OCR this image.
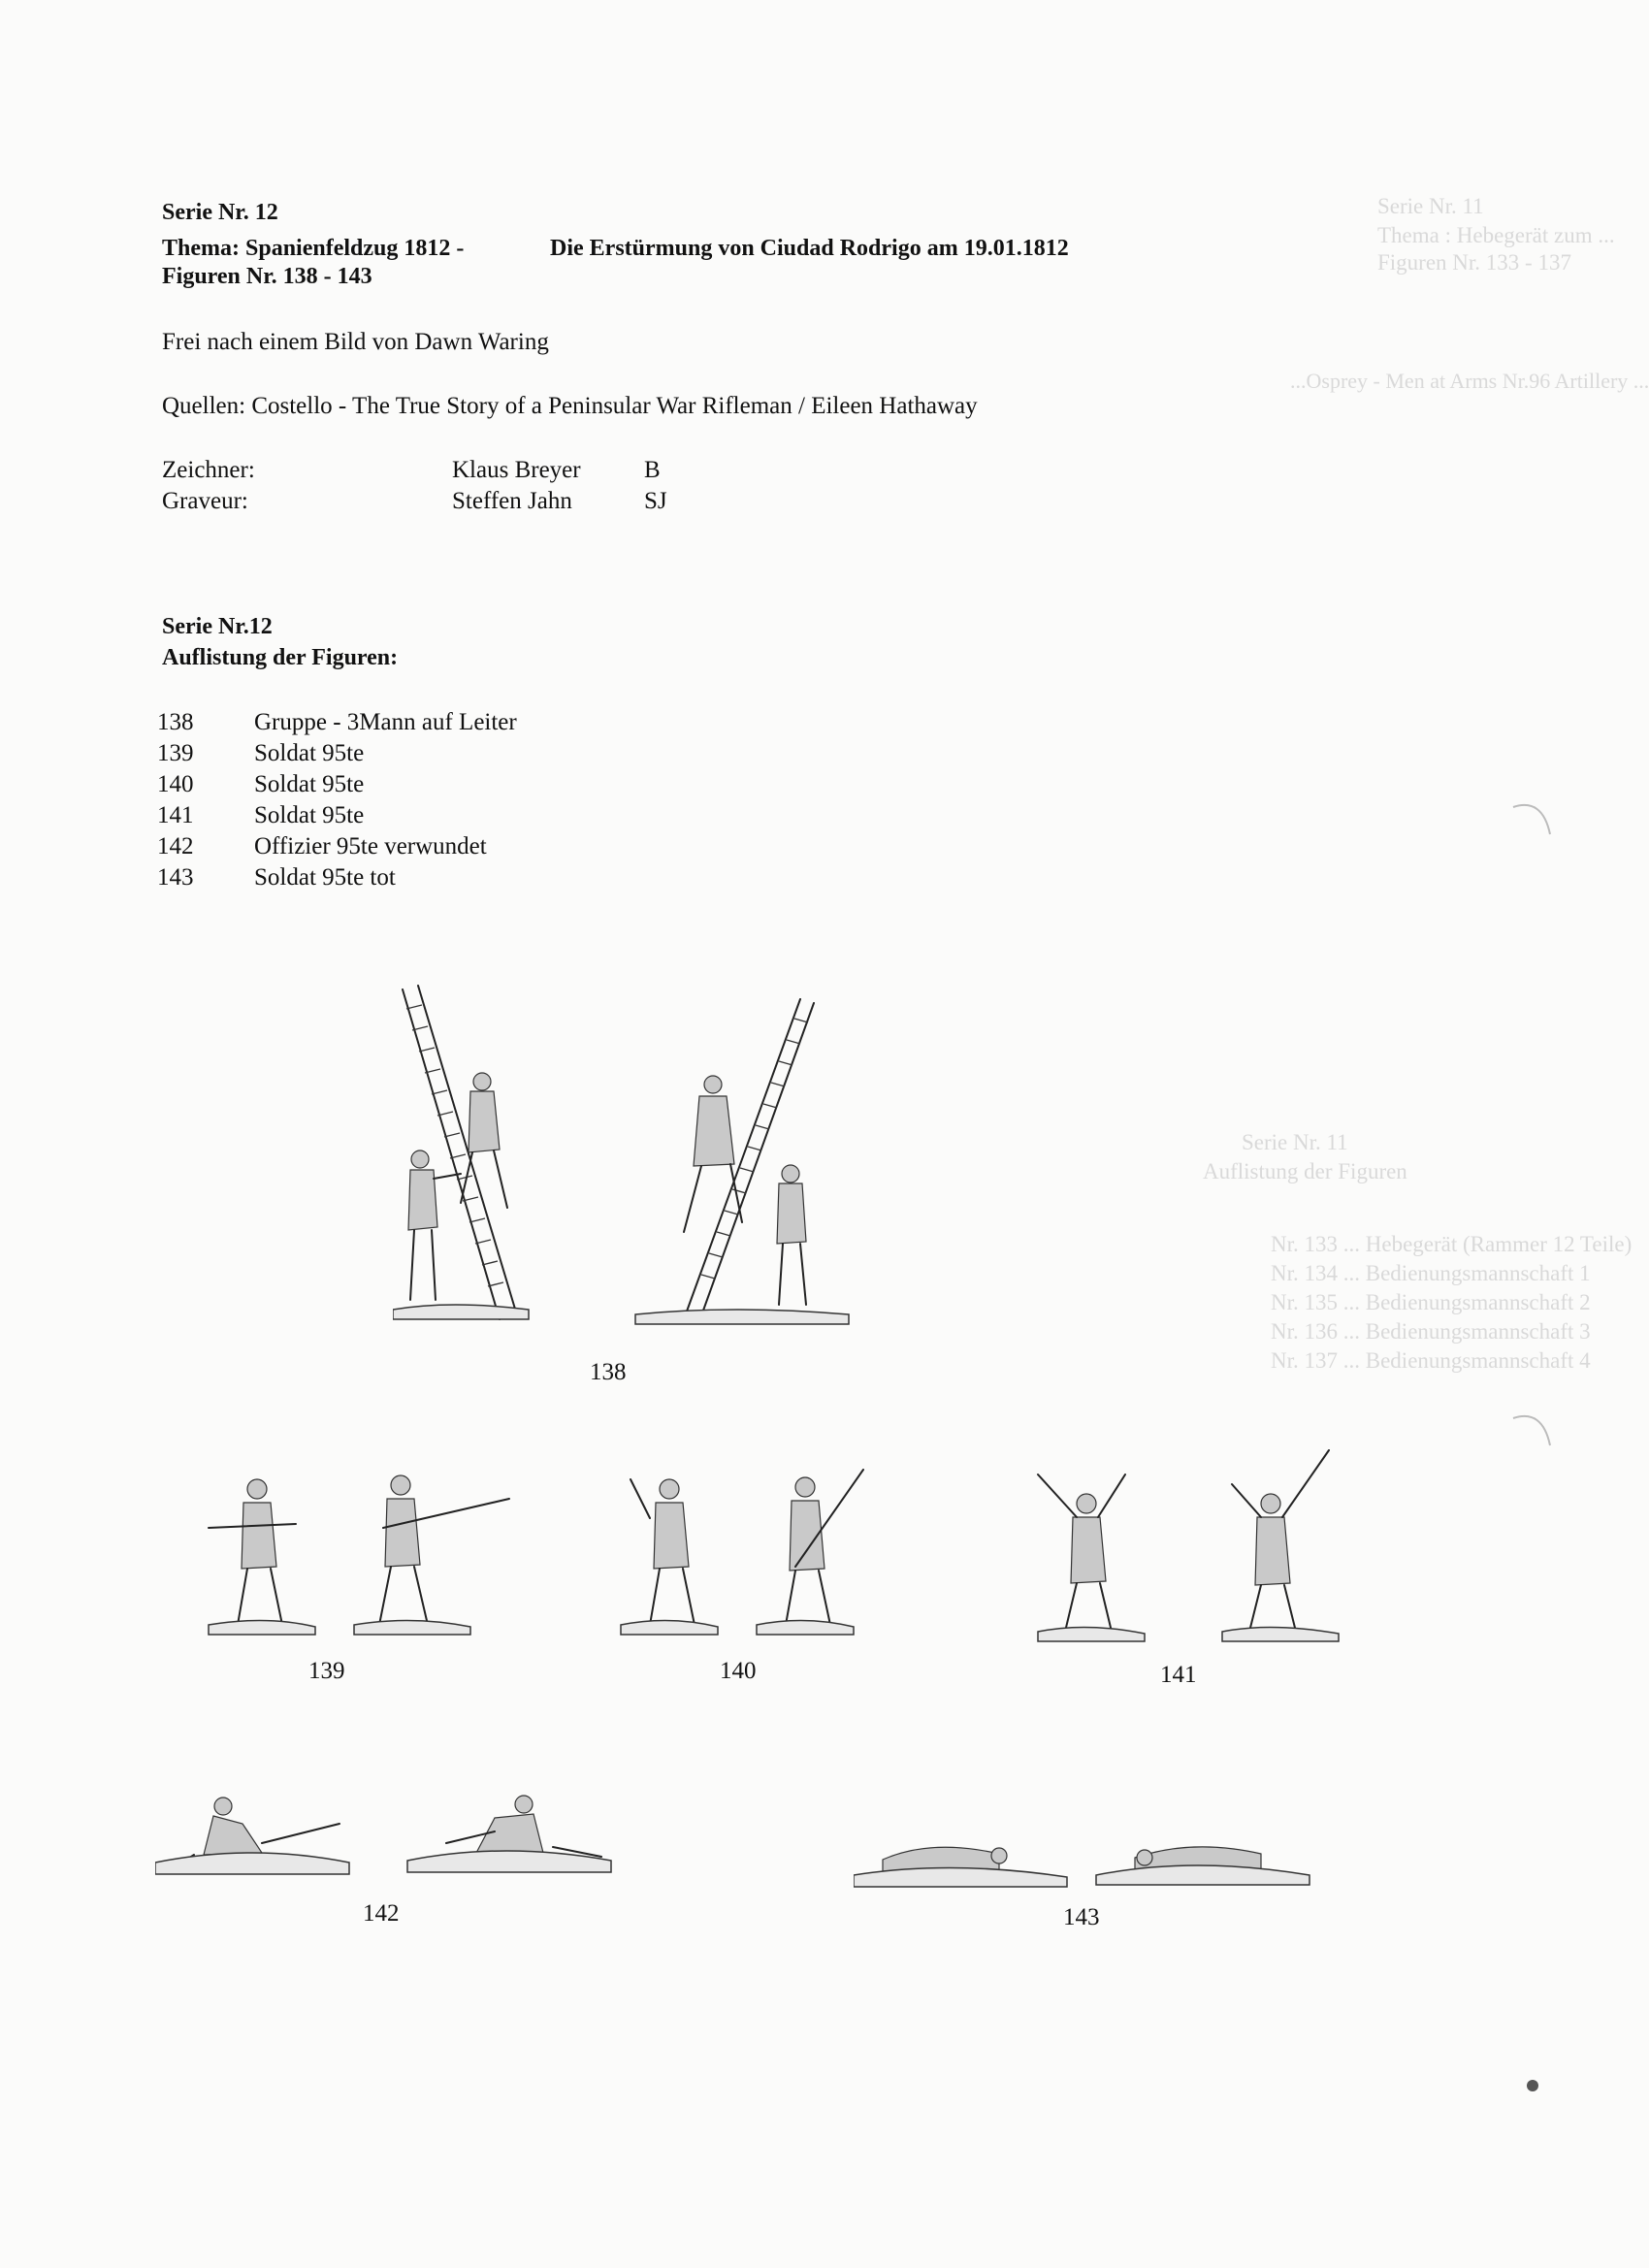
Serie Nr. 11
Thema : Hebegerät zum ...
Figuren Nr. 133 - 137
...Osprey - Men at Arms Nr.96 Artillery ...
Serie Nr. 11
Auflistung der Figuren
Nr. 133 ... Hebegerät (Rammer 12 Teile)
Nr. 134 ... Bedienungsmannschaft 1
Nr. 135 ... Bedienungsmannschaft 2
Nr. 136 ... Bedienungsmannschaft 3
Nr. 137 ... Bedienungsmannschaft 4
Serie Nr. 12
Thema: Spanienfeldzug 1812 -	Die Erstürmung von Ciudad Rodrigo am 19.01.1812
Figuren Nr. 138 - 143
Frei nach einem Bild von Dawn Waring
Quellen: Costello - The True Story of a Peninsular War Rifleman / Eileen Hathaway
Zeichner:	Klaus Breyer	B
Graveur:	Steffen Jahn	SJ
Serie Nr.12
Auflistung der Figuren:
138	Gruppe - 3Mann auf Leiter
139	Soldat 95te
140	Soldat 95te
141	Soldat 95te
142	Offizier 95te verwundet
143	Soldat 95te tot
138
139	140	141
142	143
